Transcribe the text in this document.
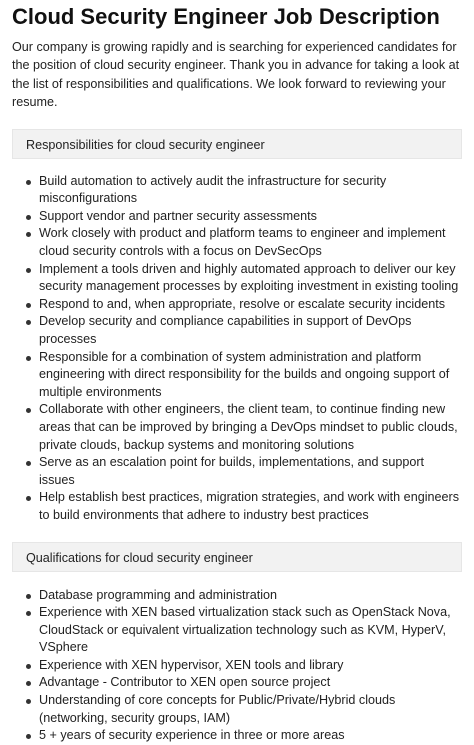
Cloud Security Engineer Job Description

Our company is growing rapidly and is searching for experienced candidates for the position of cloud security engineer. Thank you in advance for taking a look at the list of responsibilities and qualifications. We look forward to reviewing your resume.

Responsibilities for cloud security engineer
Build automation to actively audit the infrastructure for security misconfigurations
Support vendor and partner security assessments
Work closely with product and platform teams to engineer and implement cloud security controls with a focus on DevSecOps
Implement a tools driven and highly automated approach to deliver our key security management processes by exploiting investment in existing tooling
Respond to and, when appropriate, resolve or escalate security incidents
Develop security and compliance capabilities in support of DevOps processes
Responsible for a combination of system administration and platform engineering with direct responsibility for the builds and ongoing support of multiple environments
Collaborate with other engineers, the client team, to continue finding new areas that can be improved by bringing a DevOps mindset to public clouds, private clouds, backup systems and monitoring solutions
Serve as an escalation point for builds, implementations, and support issues
Help establish best practices, migration strategies, and work with engineers to build environments that adhere to industry best practices
Qualifications for cloud security engineer
Database programming and administration
Experience with XEN based virtualization stack such as OpenStack Nova, CloudStack or equivalent virtualization technology such as KVM, HyperV, VSphere
Experience with XEN hypervisor, XEN tools and library
Advantage - Contributor to XEN open source project
Understanding of core concepts for Public/Private/Hybrid clouds (networking, security groups, IAM)
5 + years of security experience in three or more areas
